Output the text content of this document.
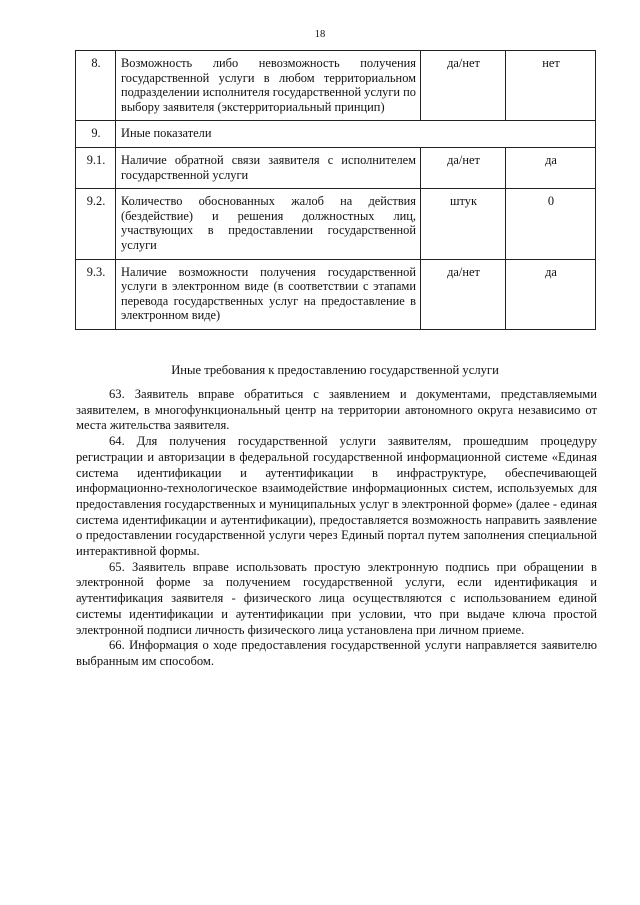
18
8.	Возможность либо невозможность получения государственной услуги в любом территориальном подразделении исполнителя государственной услуги по выбору заявителя (экстерриториальный принцип)	да/нет	нет
9.	Иные показатели		
9.1.	Наличие обратной связи заявителя с исполнителем государственной услуги	да/нет	да
9.2.	Количество обоснованных жалоб на действия (бездействие) и решения должностных лиц, участвующих в предоставлении государственной услуги	штук	0
9.3.	Наличие возможности получения государственной услуги в электронном виде (в соответствии с этапами перевода государственных услуг на предоставление в электронном виде)	да/нет	да
Иные требования к предоставлению государственной услуги

63. Заявитель вправе обратиться с заявлением и документами, представляемыми заявителем, в многофункциональный центр на территории автономного округа независимо от места жительства заявителя.

64. Для получения государственной услуги заявителям, прошедшим процедуру регистрации и авторизации в федеральной государственной информационной системе «Единая система идентификации и аутентификации в инфраструктуре, обеспечивающей информационно-технологическое взаимодействие информационных систем, используемых для предоставления государственных и муниципальных услуг в электронной форме» (далее - единая система идентификации и аутентификации), предоставляется возможность направить заявление о предоставлении государственной услуги через Единый портал путем заполнения специальной интерактивной формы.

65. Заявитель вправе использовать простую электронную подпись при обращении в электронной форме за получением государственной услуги, если идентификация и аутентификация заявителя - физического лица осуществляются с использованием единой системы идентификации и аутентификации при условии, что при выдаче ключа простой электронной подписи личность физического лица установлена при личном приеме.

66. Информация о ходе предоставления государственной услуги направляется заявителю выбранным им способом.
